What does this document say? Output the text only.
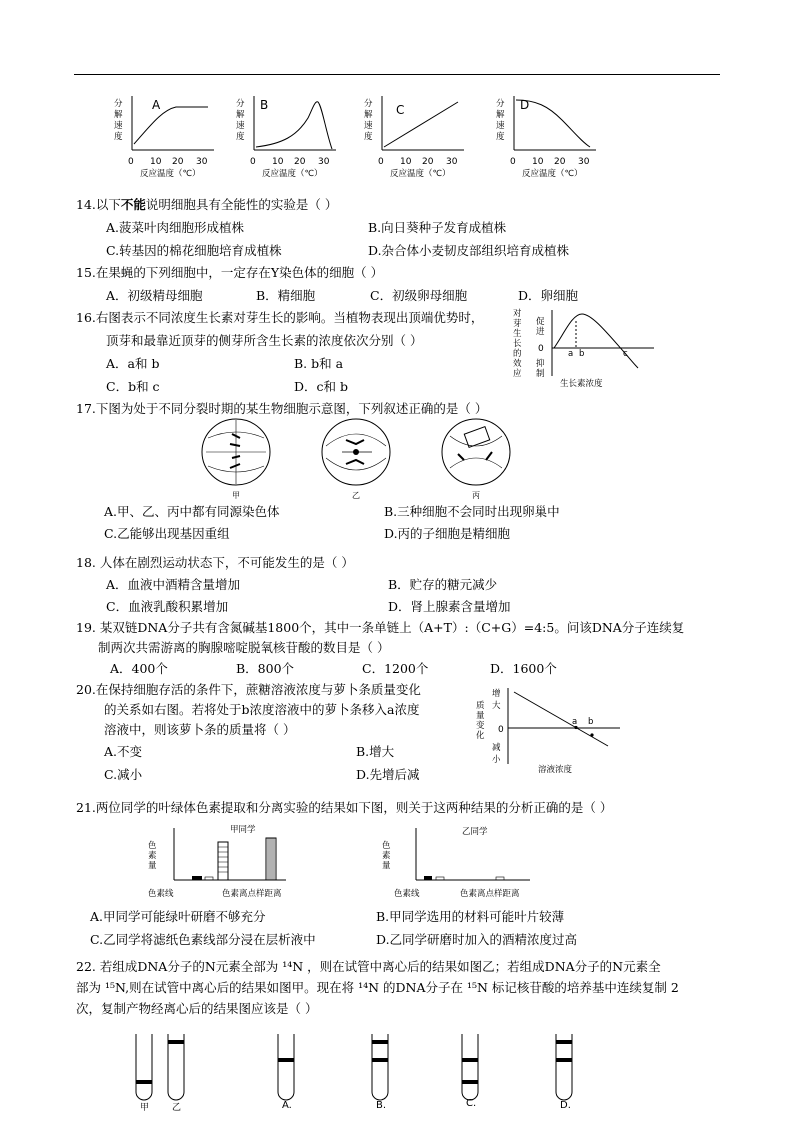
分
解
速
度
A
0 10 20 30
反应温度（℃）
分
解
速
度
B
0 10 20 30
反应温度（℃）
分
解
速
度
C
0 10 20 30
反应温度（℃）
分
解
速
度
D
0 10 20 30
反应温度（℃）
14.以下不能说明细胞具有全能性的实验是（ ）
A.菠菜叶肉细胞形成植株	B.向日葵种子发育成植株
C.转基因的棉花细胞培育成植株	D.杂合体小麦韧皮部组织培育成植株
15.在果蝇的下列细胞中，一定存在Y染色体的细胞（ ）
A．初级精母细胞	B．精细胞	C．初级卵母细胞	D．卵细胞
16.右图表示不同浓度生长素对芽生长的影响。当植物表现出顶端优势时，
顶芽和最靠近顶芽的侧芽所含生长素的浓度依次分别（ ）
A．a和 b	B. b和 a
C．b和 c	D．c和 b
对
芽
生
长
的
效
应
促
进
0
抑
制
a b	c
生长素浓度
17.下图为处于不同分裂时期的某生物细胞示意图，下列叙述正确的是（ ）
甲	乙	丙
A.甲、乙、丙中都有同源染色体	B.三种细胞不会同时出现卵巢中
C.乙能够出现基因重组	D.丙的子细胞是精细胞
18. 人体在剧烈运动状态下，不可能发生的是（ ）
A．血液中酒精含量增加	B．贮存的糖元减少
C．血液乳酸积累增加	D．肾上腺素含量增加
19. 某双链DNA分子共有含氮碱基1800个，其中一条单链上（A+T）:（C+G）=4:5。问该DNA分子连续复
制两次共需游离的胸腺嘧啶脱氧核苷酸的数目是（ ）
A．400个	B．800个	C．1200个	D．1600个
20.在保持细胞存活的条件下，蔗糖溶液浓度与萝卜条质量变化
的关系如右图。若将处于b浓度溶液中的萝卜条移入a浓度
溶液中，则该萝卜条的质量将（ ）
A.不变	B.增大
C.减小	D.先增后减
质
量
变
化
增
大
0
减
小
a b
溶液浓度
21.两位同学的叶绿体色素提取和分离实验的结果如下图，则关于这两种结果的分析正确的是（ ）
甲同学
色
素
量
色素线	色素离点样距离
乙同学
色
素
量
色素线	色素离点样距离
A.甲同学可能绿叶研磨不够充分	B.甲同学选用的材料可能叶片较薄
C.乙同学将滤纸色素线部分浸在层析液中	D.乙同学研磨时加入的酒精浓度过高
22. 若组成DNA分子的N元素全部为 ¹⁴N ，则在试管中离心后的结果如图乙；若组成DNA分子的N元素全
部为 ¹⁵N,则在试管中离心后的结果如图甲。现在将 ¹⁴N 的DNA分子在 ¹⁵N 标记核苷酸的培养基中连续复制 2
次，复制产物经离心后的结果图应该是（ ）
甲	乙	A.	B.	C.	D.
